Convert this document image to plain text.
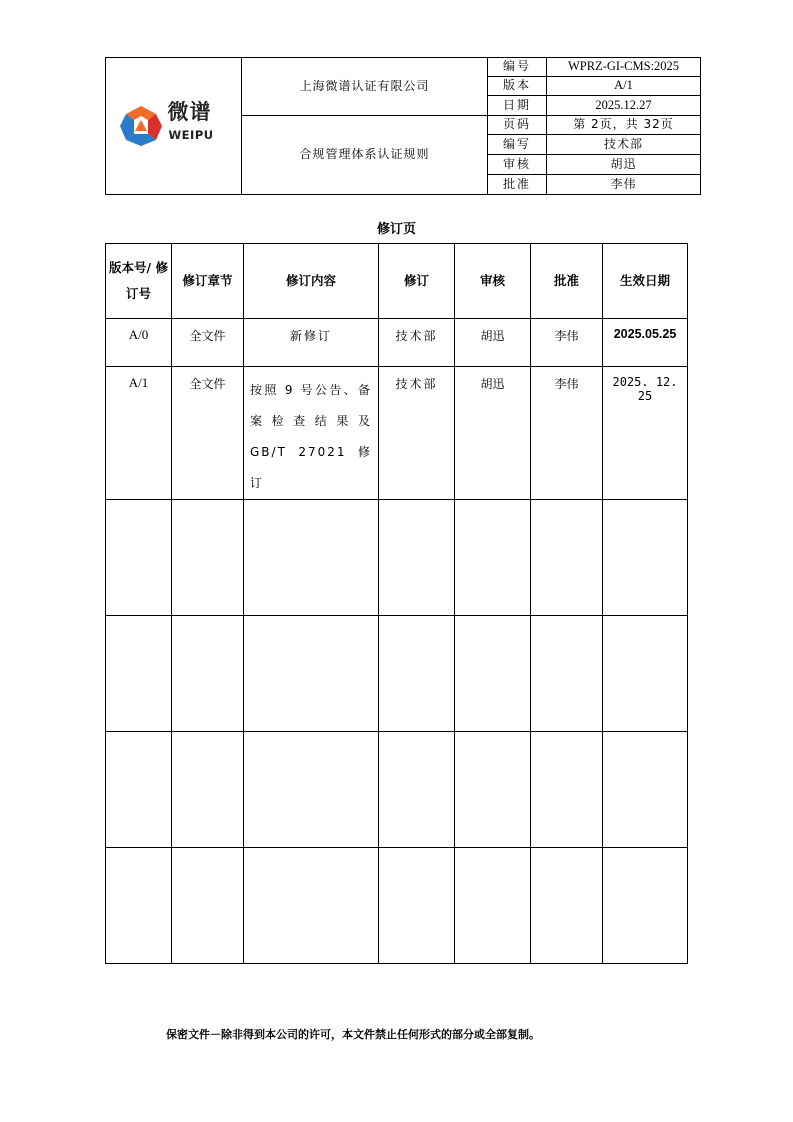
微谱
WEIPU	上海微谱认证有限公司	编号	WPRZ-GI-CMS:2025
		版本	A/1
		日期	2025.12.27
	合规管理体系认证规则	页码	第 2页，共 32页
		编写	技术部
		审核	胡迅
		批准	李伟
修订页
版本号/ 修订号	修订章节	修订内容	修订	审核	批准	生效日期
A/0	全文件	新修订	技术部	胡迅	李伟	2025.05.25
A/1	全文件	按照 9 号公告、备案检查结果及 GB/T 27021 修订	技术部	胡迅	李伟	2025. 12. 25

保密文件－除非得到本公司的许可，本文件禁止任何形式的部分或全部复制。
